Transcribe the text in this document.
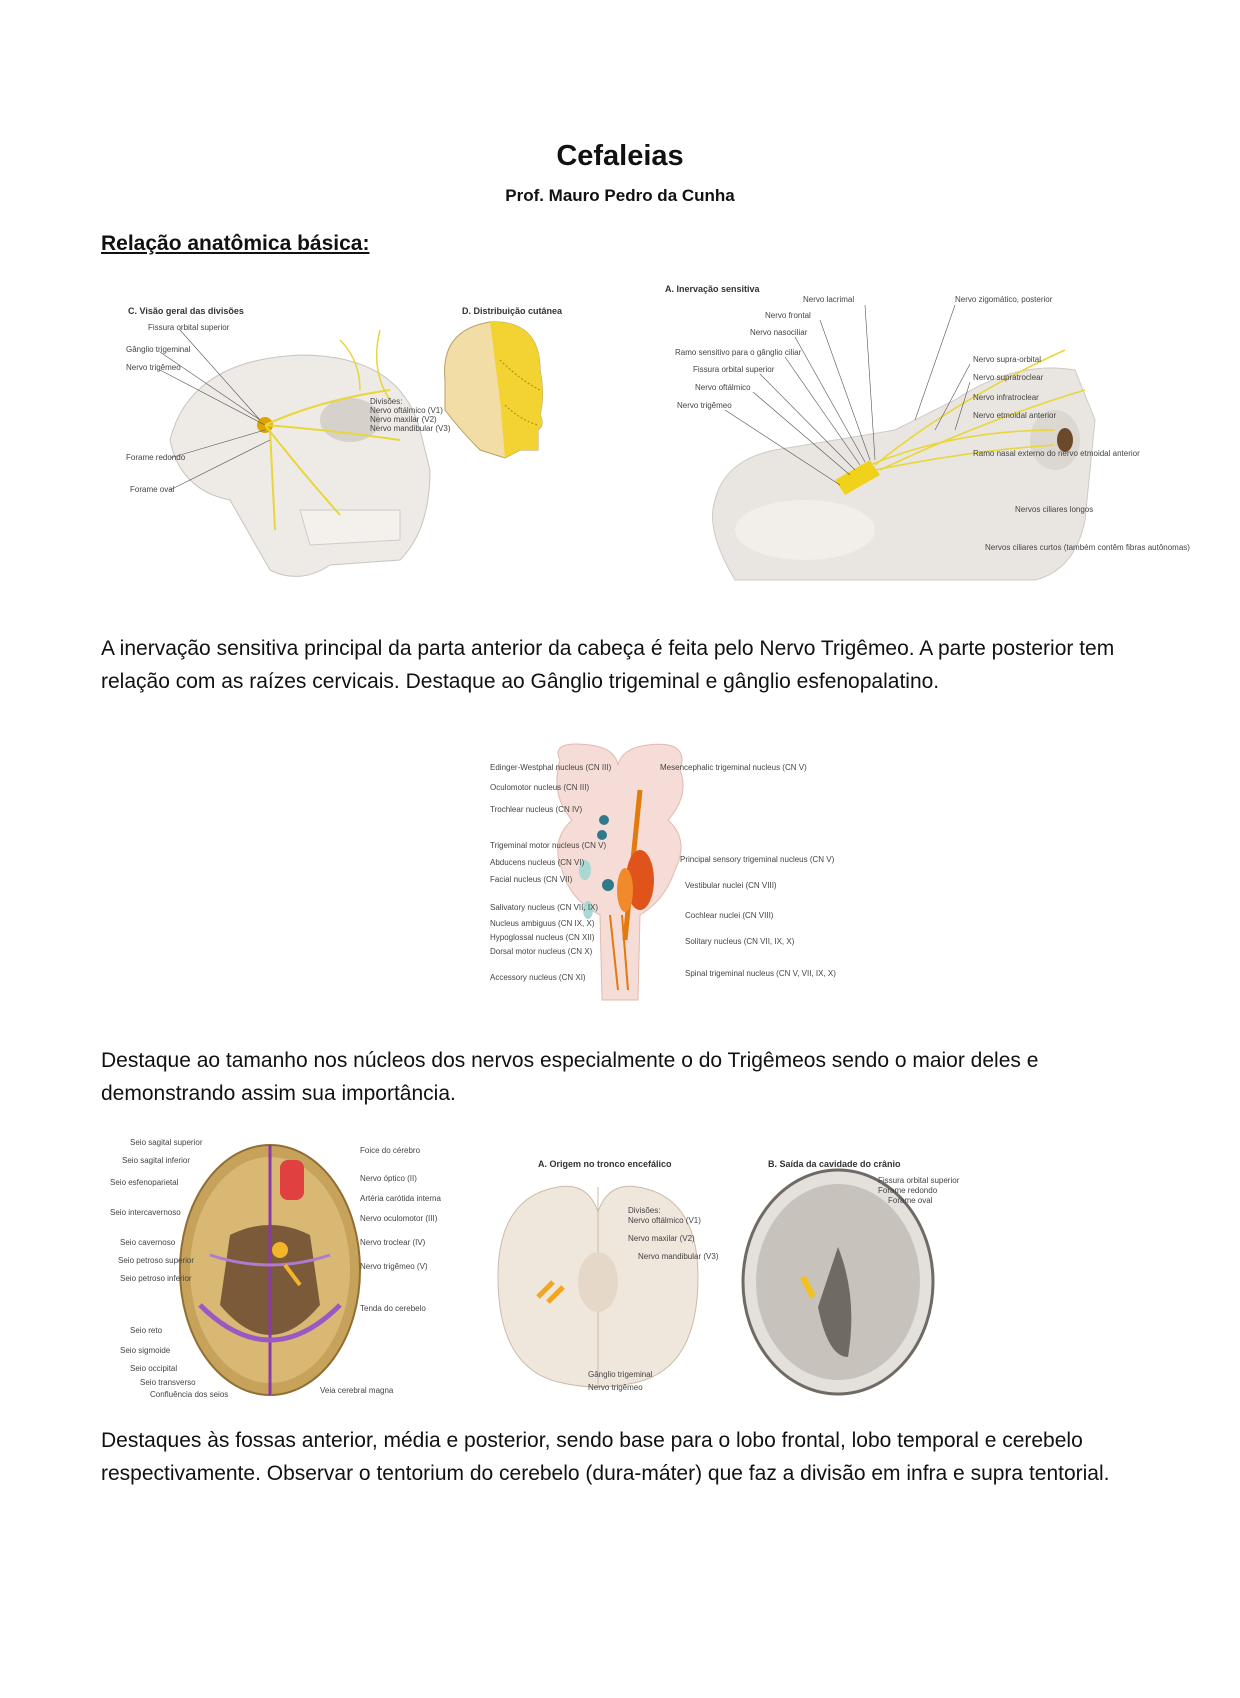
Cefaleias
Prof. Mauro Pedro da Cunha
Relação anatômica básica:
C. Visão geral das divisões	D. Distribuição cutânea
Fissura orbital superior
Gânglio trigeminal
Nervo trigêmeo
Forame redondo
Forame oval
Divisões:
Nervo oftálmico (V1)
Nervo maxilar (V2)
Nervo mandibular (V3)
A. Inervação sensitiva
Nervo lacrimal
Nervo frontal
Nervo nasociliar
Ramo sensitivo para o gânglio ciliar
Fissura orbital superior
Nervo oftálmico
Nervo trigêmeo
Nervo zigomático, posterior
Nervo supra-orbital
Nervo supratroclear
Nervo infratroclear
Nervo etmoidal anterior
Ramo nasal externo do nervo etmoidal anterior
Nervos ciliares longos
Nervos ciliares curtos (também contêm fibras autônomas)
A inervação sensitiva principal da parta anterior da cabeça é feita pelo Nervo Trigêmeo. A parte posterior tem relação com as raízes cervicais. Destaque ao Gânglio trigeminal e gânglio esfenopalatino.
Edinger-Westphal nucleus (CN III)
Oculomotor nucleus (CN III)
Trochlear nucleus (CN IV)
Trigeminal motor nucleus (CN V)
Abducens nucleus (CN VI)
Facial nucleus (CN VII)
Salivatory nucleus (CN VII, IX)
Nucleus ambiguus (CN IX, X)
Hypoglossal nucleus (CN XII)
Dorsal motor nucleus (CN X)
Accessory nucleus (CN XI)
Mesencephalic trigeminal nucleus (CN V)
Principal sensory trigeminal nucleus (CN V)
Vestibular nuclei (CN VIII)
Cochlear nuclei (CN VIII)
Solitary nucleus (CN VII, IX, X)
Spinal trigeminal nucleus (CN V, VII, IX, X)
Destaque ao tamanho nos núcleos dos nervos especialmente o do Trigêmeos sendo o maior deles e demonstrando assim sua importância.
Seio sagital superior
Seio sagital inferior
Seio esfenoparietal
Seio intercavernoso
Seio cavernoso
Seio petroso superior
Seio petroso inferior
Seio reto
Seio sigmoide
Seio occipital
Seio transverso
Confluência dos seios
Foice do cérebro
Nervo óptico (II)
Artéria carótida interna
Nervo oculomotor (III)
Nervo troclear (IV)
Nervo trigêmeo (V)
Tenda do cerebelo
Veia cerebral magna
A. Origem no tronco encefálico	B. Saída da cavidade do crânio
Divisões:
Nervo oftálmico (V1)
Nervo maxilar (V2)
Nervo mandibular (V3)
Gânglio trigeminal
Nervo trigêmeo
Fissura orbital superior
Forame redondo
Forame oval
Destaques às fossas anterior, média e posterior, sendo base para o lobo frontal, lobo temporal e cerebelo respectivamente. Observar o tentorium do cerebelo (dura-máter) que faz a divisão em infra e supra tentorial.
